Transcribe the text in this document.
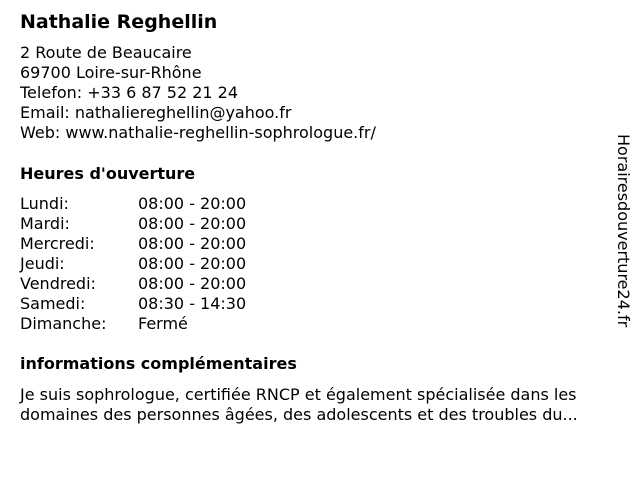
Nathalie Reghellin
2 Route de Beaucaire
69700 Loire-sur-Rhône
Telefon: +33 6 87 52 21 24
Email: nathaliereghellin@yahoo.fr
Web: www.nathalie-reghellin-sophrologue.fr/
Heures d'ouverture
Lundi:	08:00 - 20:00
Mardi:	08:00 - 20:00
Mercredi:	08:00 - 20:00
Jeudi:	08:00 - 20:00
Vendredi:	08:00 - 20:00
Samedi:	08:30 - 14:30
Dimanche: Fermé
informations complémentaires
Je suis sophrologue, certifiée RNCP et également spécialisée dans les
domaines des personnes âgées, des adolescents et des troubles du...
Horairesdouverture24.fr
